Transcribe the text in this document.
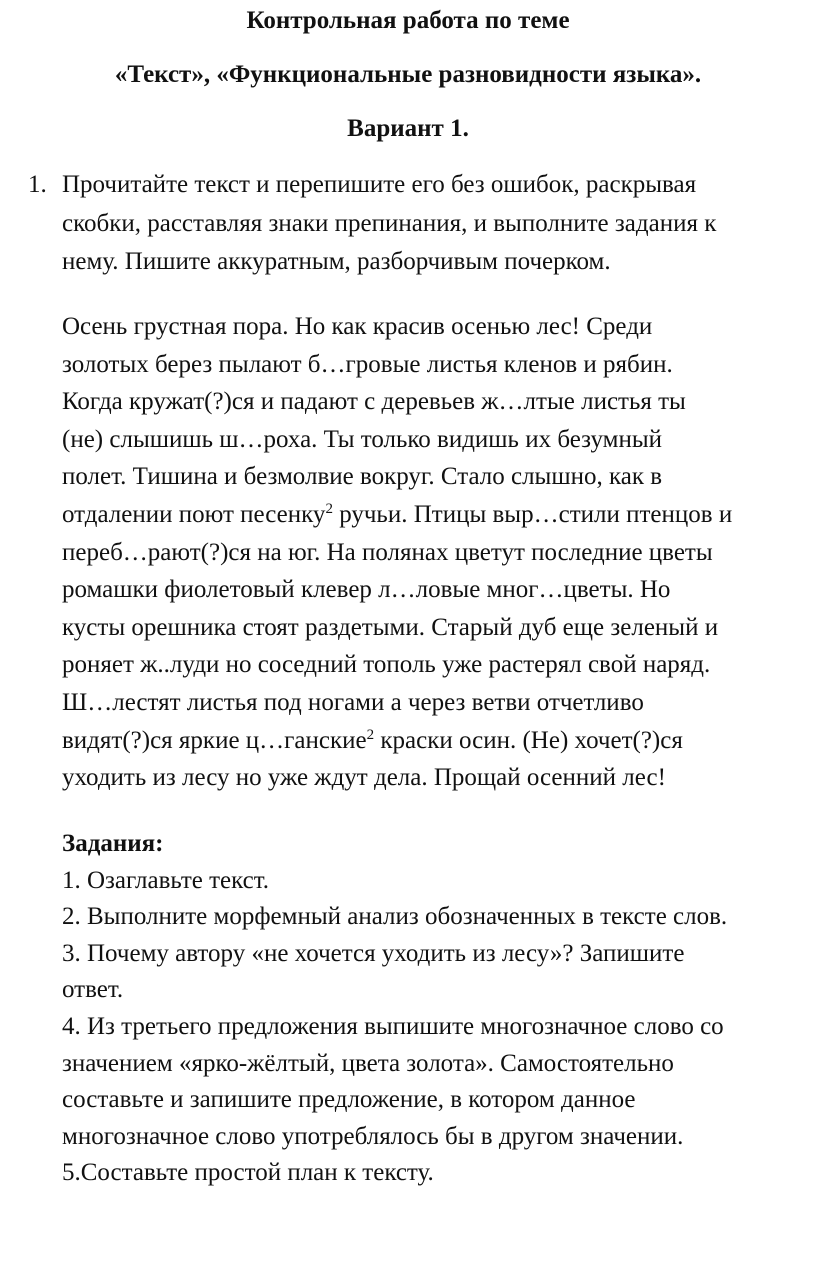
Контрольная работа по теме
«Текст», «Функциональные разновидности языка».
Вариант 1.
1. Прочитайте текст и перепишите его без ошибок, раскрывая
скобки, расставляя знаки препинания, и выполните задания к
нему. Пишите аккуратным, разборчивым почерком.

Осень грустная пора. Но как красив осенью лес! Среди
золотых берез пылают б…гровые листья кленов и рябин.
Когда кружат(?)ся и падают с деревьев ж…лтые листья ты
(не) слышишь ш…роха. Ты только видишь их безумный
полет. Тишина и безмолвие вокруг. Стало слышно, как в
отдалении поют песенку$^2$ ручьи. Птицы выр…стили птенцов и
переб…рают(?)ся на юг. На полянах цветут последние цветы
ромашки фиолетовый клевер л…ловые мног…цветы. Но
кусты орешника стоят раздетыми. Старый дуб еще зеленый и
роняет ж..луди но соседний тополь уже растерял свой наряд.
Ш…лестят листья под ногами а через ветви отчетливо
видят(?)ся яркие ц…ганские$^2$ краски осин. (Не) хочет(?)ся
уходить из лесу но уже ждут дела. Прощай осенний лес!

Задания:
1. Озаглавьте текст.
2. Выполните морфемный анализ обозначенных в тексте слов.
3. Почему автору «не хочется уходить из лесу»? Запишите
ответ.
4. Из третьего предложения выпишите многозначное слово со
значением «ярко-жёлтый, цвета золота». Самостоятельно
составьте и запишите предложение, в котором данное
многозначное слово употреблялось бы в другом значении.
5.Составьте простой план к тексту.
